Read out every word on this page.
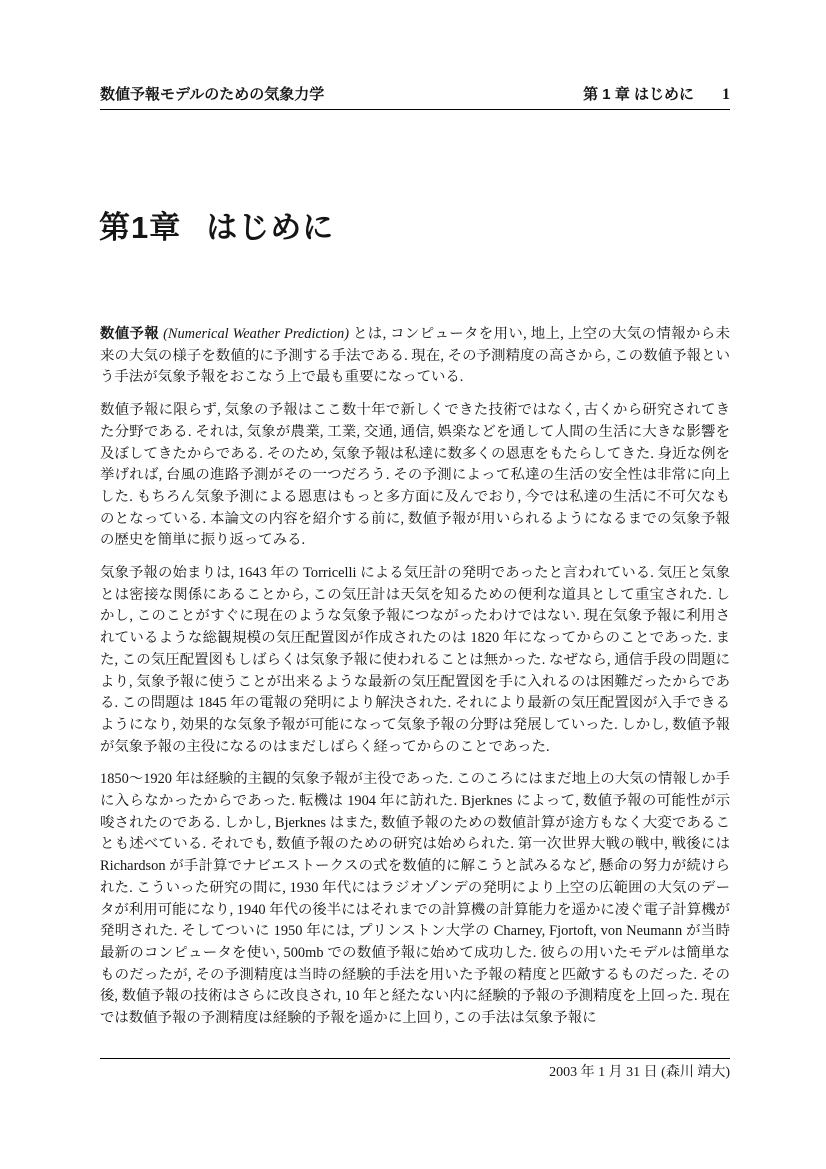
数値予報モデルのための気象力学	第 1 章 はじめに 1
第1章 はじめに

数値予報 (Numerical Weather Prediction) とは, コンピュータを用い, 地上, 上空の大気の情報から未来の大気の様子を数値的に予測する手法である. 現在, その予測精度の高さから, この数値予報という手法が気象予報をおこなう上で最も重要になっている.

数値予報に限らず, 気象の予報はここ数十年で新しくできた技術ではなく, 古くから研究されてきた分野である. それは, 気象が農業, 工業, 交通, 通信, 娯楽などを通して人間の生活に大きな影響を及ぼしてきたからである. そのため, 気象予報は私達に数多くの恩恵をもたらしてきた. 身近な例を挙げれば, 台風の進路予測がその一つだろう. その予測によって私達の生活の安全性は非常に向上した. もちろん気象予測による恩恵はもっと多方面に及んでおり, 今では私達の生活に不可欠なものとなっている. 本論文の内容を紹介する前に, 数値予報が用いられるようになるまでの気象予報の歴史を簡単に振り返ってみる.

気象予報の始まりは, 1643 年の Torricelli による気圧計の発明であったと言われている. 気圧と気象とは密接な関係にあることから, この気圧計は天気を知るための便利な道具として重宝された. しかし, このことがすぐに現在のような気象予報につながったわけではない. 現在気象予報に利用されているような総観規模の気圧配置図が作成されたのは 1820 年になってからのことであった. また, この気圧配置図もしばらくは気象予報に使われることは無かった. なぜなら, 通信手段の問題により, 気象予報に使うことが出来るような最新の気圧配置図を手に入れるのは困難だったからである. この問題は 1845 年の電報の発明により解決された. それにより最新の気圧配置図が入手できるようになり, 効果的な気象予報が可能になって気象予報の分野は発展していった. しかし, 数値予報が気象予報の主役になるのはまだしばらく経ってからのことであった.

1850〜1920 年は経験的主観的気象予報が主役であった. このころにはまだ地上の大気の情報しか手に入らなかったからであった. 転機は 1904 年に訪れた. Bjerknes によって, 数値予報の可能性が示唆されたのである. しかし, Bjerknes はまた, 数値予報のための数値計算が途方もなく大変であることも述べている. それでも, 数値予報のための研究は始められた. 第一次世界大戦の戦中, 戦後には Richardson が手計算でナビエストークスの式を数値的に解こうと試みるなど, 懸命の努力が続けられた. こういった研究の間に, 1930 年代にはラジオゾンデの発明により上空の広範囲の大気のデータが利用可能になり, 1940 年代の後半にはそれまでの計算機の計算能力を遥かに凌ぐ電子計算機が発明された. そしてついに 1950 年には, プリンストン大学の Charney, Fjortoft, von Neumann が当時最新のコンピュータを使い, 500mb での数値予報に始めて成功した. 彼らの用いたモデルは簡単なものだったが, その予測精度は当時の経験的手法を用いた予報の精度と匹敵するものだった. その後, 数値予報の技術はさらに改良され, 10 年と経たない内に経験的予報の予測精度を上回った. 現在では数値予報の予測精度は経験的予報を遥かに上回り, この手法は気象予報に

2003 年 1 月 31 日 (森川 靖大)
